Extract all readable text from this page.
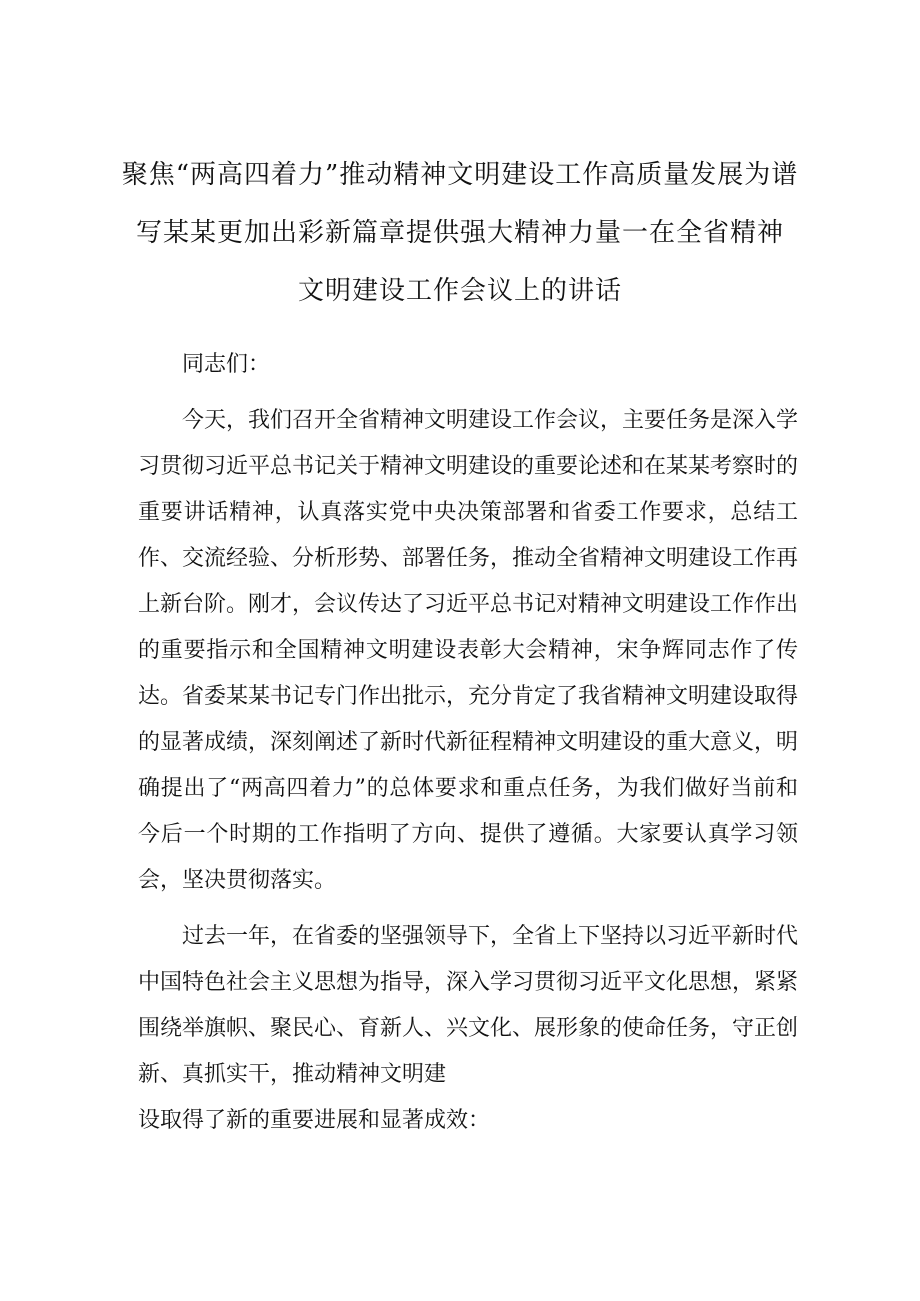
聚焦“两高四着力”推动精神文明建设工作高质量发展为谱
写某某更加出彩新篇章提供强大精神力量一在全省精神
文明建设工作会议上的讲话

同志们：

今天，我们召开全省精神文明建设工作会议，主要任务是深入学习贯彻习近平总书记关于精神文明建设的重要论述和在某某考察时的重要讲话精神，认真落实党中央决策部署和省委工作要求，总结工作、交流经验、分析形势、部署任务，推动全省精神文明建设工作再上新台阶。刚才，会议传达了习近平总书记对精神文明建设工作作出的重要指示和全国精神文明建设表彰大会精神，宋争辉同志作了传达。省委某某书记专门作出批示，充分肯定了我省精神文明建设取得的显著成绩，深刻阐述了新时代新征程精神文明建设的重大意义，明确提出了“两高四着力”的总体要求和重点任务，为我们做好当前和今后一个时期的工作指明了方向、提供了遵循。大家要认真学习领会，坚决贯彻落实。

过去一年，在省委的坚强领导下，全省上下坚持以习近平新时代中国特色社会主义思想为指导，深入学习贯彻习近平文化思想，紧紧围绕举旗帜、聚民心、育新人、兴文化、展形象的使命任务，守正创新、真抓实干，推动精神文明建

设取得了新的重要进展和显著成效：
